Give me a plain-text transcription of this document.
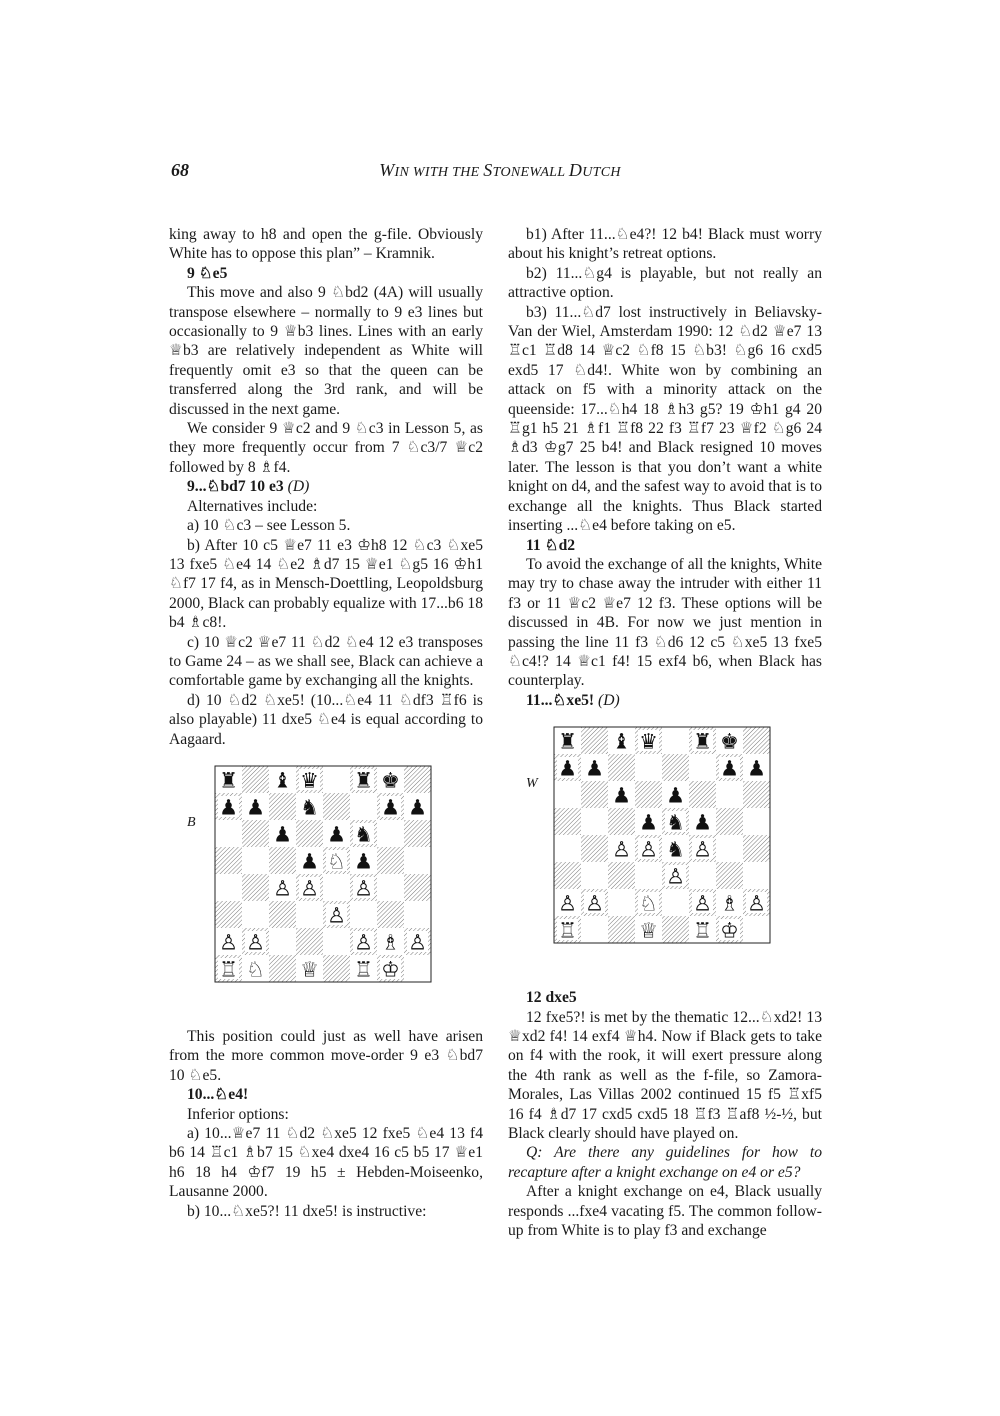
68	WIN WITH THE STONEWALL DUTCH

king away to h8 and open the g-file. Obviously White has to oppose this plan” – Kramnik.

9 ♘e5

This move and also 9 ♘bd2 (4A) will usually transpose elsewhere – normally to 9 e3 lines but occasionally to 9 ♕b3 lines. Lines with an early ♕b3 are relatively independent as White will frequently omit e3 so that the queen can be transferred along the 3rd rank, and will be discussed in the next game.

We consider 9 ♕c2 and 9 ♘c3 in Lesson 5, as they more frequently occur from 7 ♘c3/7 ♕c2 followed by 8 ♗f4.

9...♘bd7 10 e3 (D)

Alternatives include:

a) 10 ♘c3 – see Lesson 5.

b) After 10 c5 ♕e7 11 e3 ♔h8 12 ♘c3 ♘xe5 13 fxe5 ♘e4 14 ♘e2 ♗d7 15 ♕e1 ♘g5 16 ♔h1 ♘f7 17 f4, as in Mensch-Doettling, Leopoldsburg 2000, Black can probably equalize with 17...b6 18 b4 ♗c8!.

c) 10 ♕c2 ♕e7 11 ♘d2 ♘e4 12 e3 transposes to Game 24 – as we shall see, Black can achieve a comfortable game by exchanging all the knights.

d) 10 ♘d2 ♘xe5! (10...♘e4 11 ♘df3 ♖f6 is also playable) 11 dxe5 ♘e4 is equal according to Aagaard.

B
♜ ♝ ♛ ♜ ♚
♟ ♟ ♞	♟ ♟
♟ ♟ ♞
♟ ♘ ♟
♙ ♙ ♙
♙
♙ ♙	♙ ♗ ♙
♖ ♘ ♕ ♖ ♔

This position could just as well have arisen from the more common move-order 9 e3 ♘bd7 10 ♘e5.

10...♘e4!

Inferior options:

a) 10...♕e7 11 ♘d2 ♘xe5 12 fxe5 ♘e4 13 f4 b6 14 ♖c1 ♗b7 15 ♘xe4 dxe4 16 c5 b5 17 ♕e1 h6 18 h4 ♔f7 19 h5 ± Hebden-Moiseenko, Lausanne 2000.

b) 10...♘xe5?! 11 dxe5! is instructive:

b1) After 11...♘e4?! 12 b4! Black must worry about his knight’s retreat options.

b2) 11...♘g4 is playable, but not really an attractive option.

b3) 11...♘d7 lost instructively in Beliavsky-Van der Wiel, Amsterdam 1990: 12 ♘d2 ♕e7 13 ♖c1 ♖d8 14 ♕c2 ♘f8 15 ♘b3! ♘g6 16 cxd5 exd5 17 ♘d4!. White won by combining an attack on f5 with a minority attack on the queenside: 17...♘h4 18 ♗h3 g5? 19 ♔h1 g4 20 ♖g1 h5 21 ♗f1 ♖f8 22 f3 ♖f7 23 ♕f2 ♘g6 24 ♗d3 ♔g7 25 b4! and Black resigned 10 moves later. The lesson is that you don’t want a white knight on d4, and the safest way to avoid that is to exchange all the knights. Thus Black started inserting ...♘e4 before taking on e5.

11 ♘d2

To avoid the exchange of all the knights, White may try to chase away the intruder with either 11 f3 or 11 ♕c2 ♕e7 12 f3. These options will be discussed in 4B. For now we just mention in passing the line 11 f3 ♘d6 12 c5 ♘xe5 13 fxe5 ♘c4!? 14 ♕c1 f4! 15 exf4 b6, when Black has counterplay.

11...♘xe5! (D)

W
♜ ♝ ♛ ♜ ♚
♟ ♟	♟ ♟
♟ ♟
♟ ♞ ♟
♙ ♙ ♞ ♙
♙
♙ ♙ ♘ ♙ ♗ ♙
♖	♕ ♖ ♔

12 dxe5

12 fxe5?! is met by the thematic 12...♘xd2! 13 ♕xd2 f4! 14 exf4 ♕h4. Now if Black gets to take on f4 with the rook, it will exert pressure along the 4th rank as well as the f-file, so Zamora-Morales, Las Villas 2002 continued 15 f5 ♖xf5 16 f4 ♗d7 17 cxd5 cxd5 18 ♖f3 ♖af8 ½-½, but Black clearly should have played on.

Q: Are there any guidelines for how to recapture after a knight exchange on e4 or e5?

After a knight exchange on e4, Black usually responds ...fxe4 vacating f5. The common follow-up from White is to play f3 and exchange
